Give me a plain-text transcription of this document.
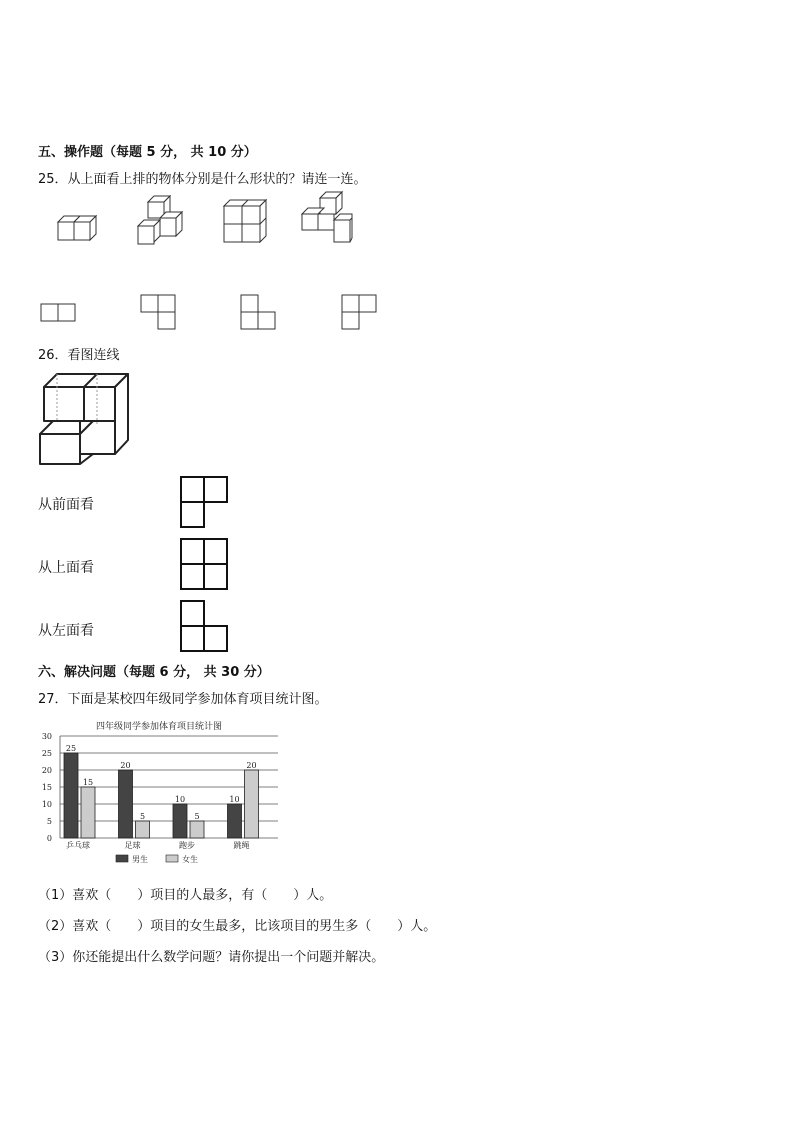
五、操作题（每题 5 分， 共 10 分）
25．从上面看上排的物体分别是什么形状的？请连一连。
26．看图连线
从前面看
从上面看
从左面看
六、解决问题（每题 6 分， 共 30 分）
27．下面是某校四年级同学参加体育项目统计图。
四年级同学参加体育项目统计图
0
5
10
15
20
25
30
25
15
乒乓球
20
5
足球
10
5
跑步
10
20
跳绳
男生	女生
（1）喜欢（　　）项目的人最多，有（　　）人。
（2）喜欢（　　）项目的女生最多，比该项目的男生多（　　）人。
（3）你还能提出什么数学问题？请你提出一个问题并解决。
